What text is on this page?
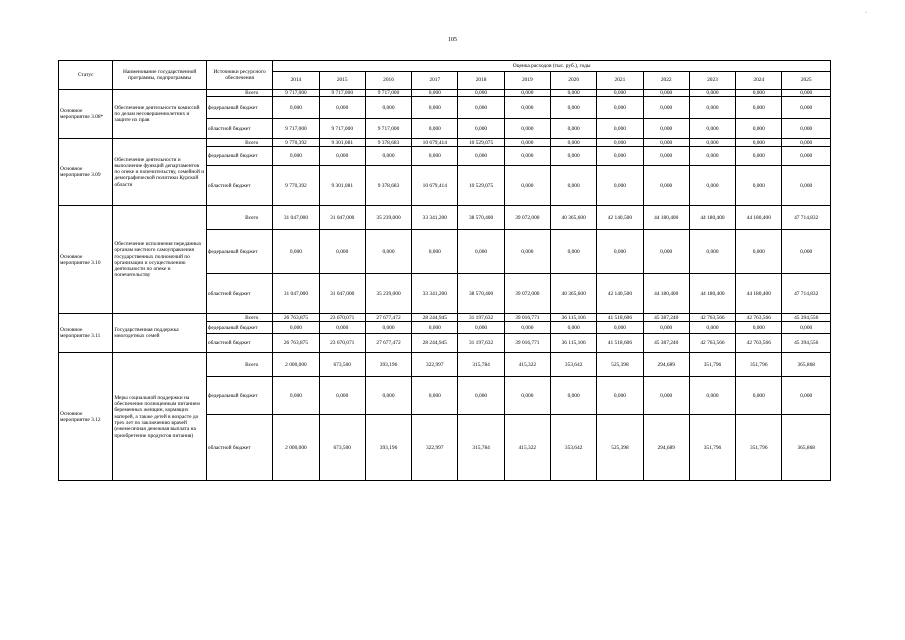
·
105
Статус	Наименование государственной программы, подпрограммы	Источники ресурсного обеспечения	Оценка расходов (тыс. руб.), годы											
			2014	2015	2016	2017	2018	2019	2020	2021	2022	2023	2024	2025
Основное мероприятие 3.08*	Обеспечение деятельности комиссий по делам несовершеннолетних и защите их прав	Всего	9 717,000	9 717,000	9 717,000	0,000	0,000	0,000	0,000	0,000	0,000	0,000	0,000	0,000
		федеральный бюджет	0,000	0,000	0,000	0,000	0,000	0,000	0,000	0,000	0,000	0,000	0,000	0,000
		областной бюджет	9 717,000	9 717,000	9 717,000	0,000	0,000	0,000	0,000	0,000	0,000	0,000	0,000	0,000
Основное мероприятие 3.09	Обеспечение деятельности и выполнение функций департаментов по опеке и попечительству, семейной и демографической политики Курской области	Всего	9 770,392	9 301,081	9 378,683	10 679,414	10 529,075	0,000	0,000	0,000	0,000	0,000	0,000	0,000
		федеральный бюджет	0,000	0,000	0,000	0,000	0,000	0,000	0,000	0,000	0,000	0,000	0,000	0,000
		областной бюджет	9 770,392	9 301,081	9 378,683	10 679,414	10 529,075	0,000	0,000	0,000	0,000	0,000	0,000	0,000
Основное мероприятие 3.10	Обеспечение исполнения переданных органам местного самоуправления государственных полномочий по организации и осуществлению деятельности по опеке и попечительству	Всего	31 047,000	31 047,000	35 239,000	33 341,200	38 570,400	39 072,000	40 365,600	42 140,500	44 180,400	44 180,400	44 180,400	47 714,832
		федеральный бюджет	0,000	0,000	0,000	0,000	0,000	0,000	0,000	0,000	0,000	0,000	0,000	0,000
		областной бюджет	31 047,000	31 047,000	35 239,000	33 341,200	38 570,400	39 072,000	40 365,600	42 140,500	44 180,400	44 180,400	44 180,400	47 714,832
Основное мероприятие 3.11	Государственная поддержка многодетных семей	Всего	26 763,875	23 670,071	27 677,472	28 244,945	31 197,632	39 016,771	36 115,106	41 518,606	45 387,240	42 763,566	42 763,566	45 394,556
		федеральный бюджет	0,000	0,000	0,000	0,000	0,000	0,000	0,000	0,000	0,000	0,000	0,000	0,000
		областной бюджет	26 763,875	23 670,071	27 677,472	28 244,945	31 197,632	39 016,771	36 115,106	41 518,606	45 387,240	42 763,566	42 763,566	45 394,556
Основное мероприятие 3.12	Меры социальной поддержки на обеспечение полноценным питанием беременных женщин, кормящих матерей, а также детей в возрасте до трех лет по заключению врачей (ежемесячная денежная выплата на приобретение продуктов питания)	Всего	2 000,000	673,500	393,196	322,997	315,784	415,322	353,642	525,398	294,689	351,796	351,796	365,868
		федеральный бюджет	0,000	0,000	0,000	0,000	0,000	0,000	0,000	0,000	0,000	0,000	0,000	0,000
		областной бюджет	2 000,000	673,500	393,196	322,997	315,784	415,322	353,642	525,398	294,689	351,796	351,796	365,868
